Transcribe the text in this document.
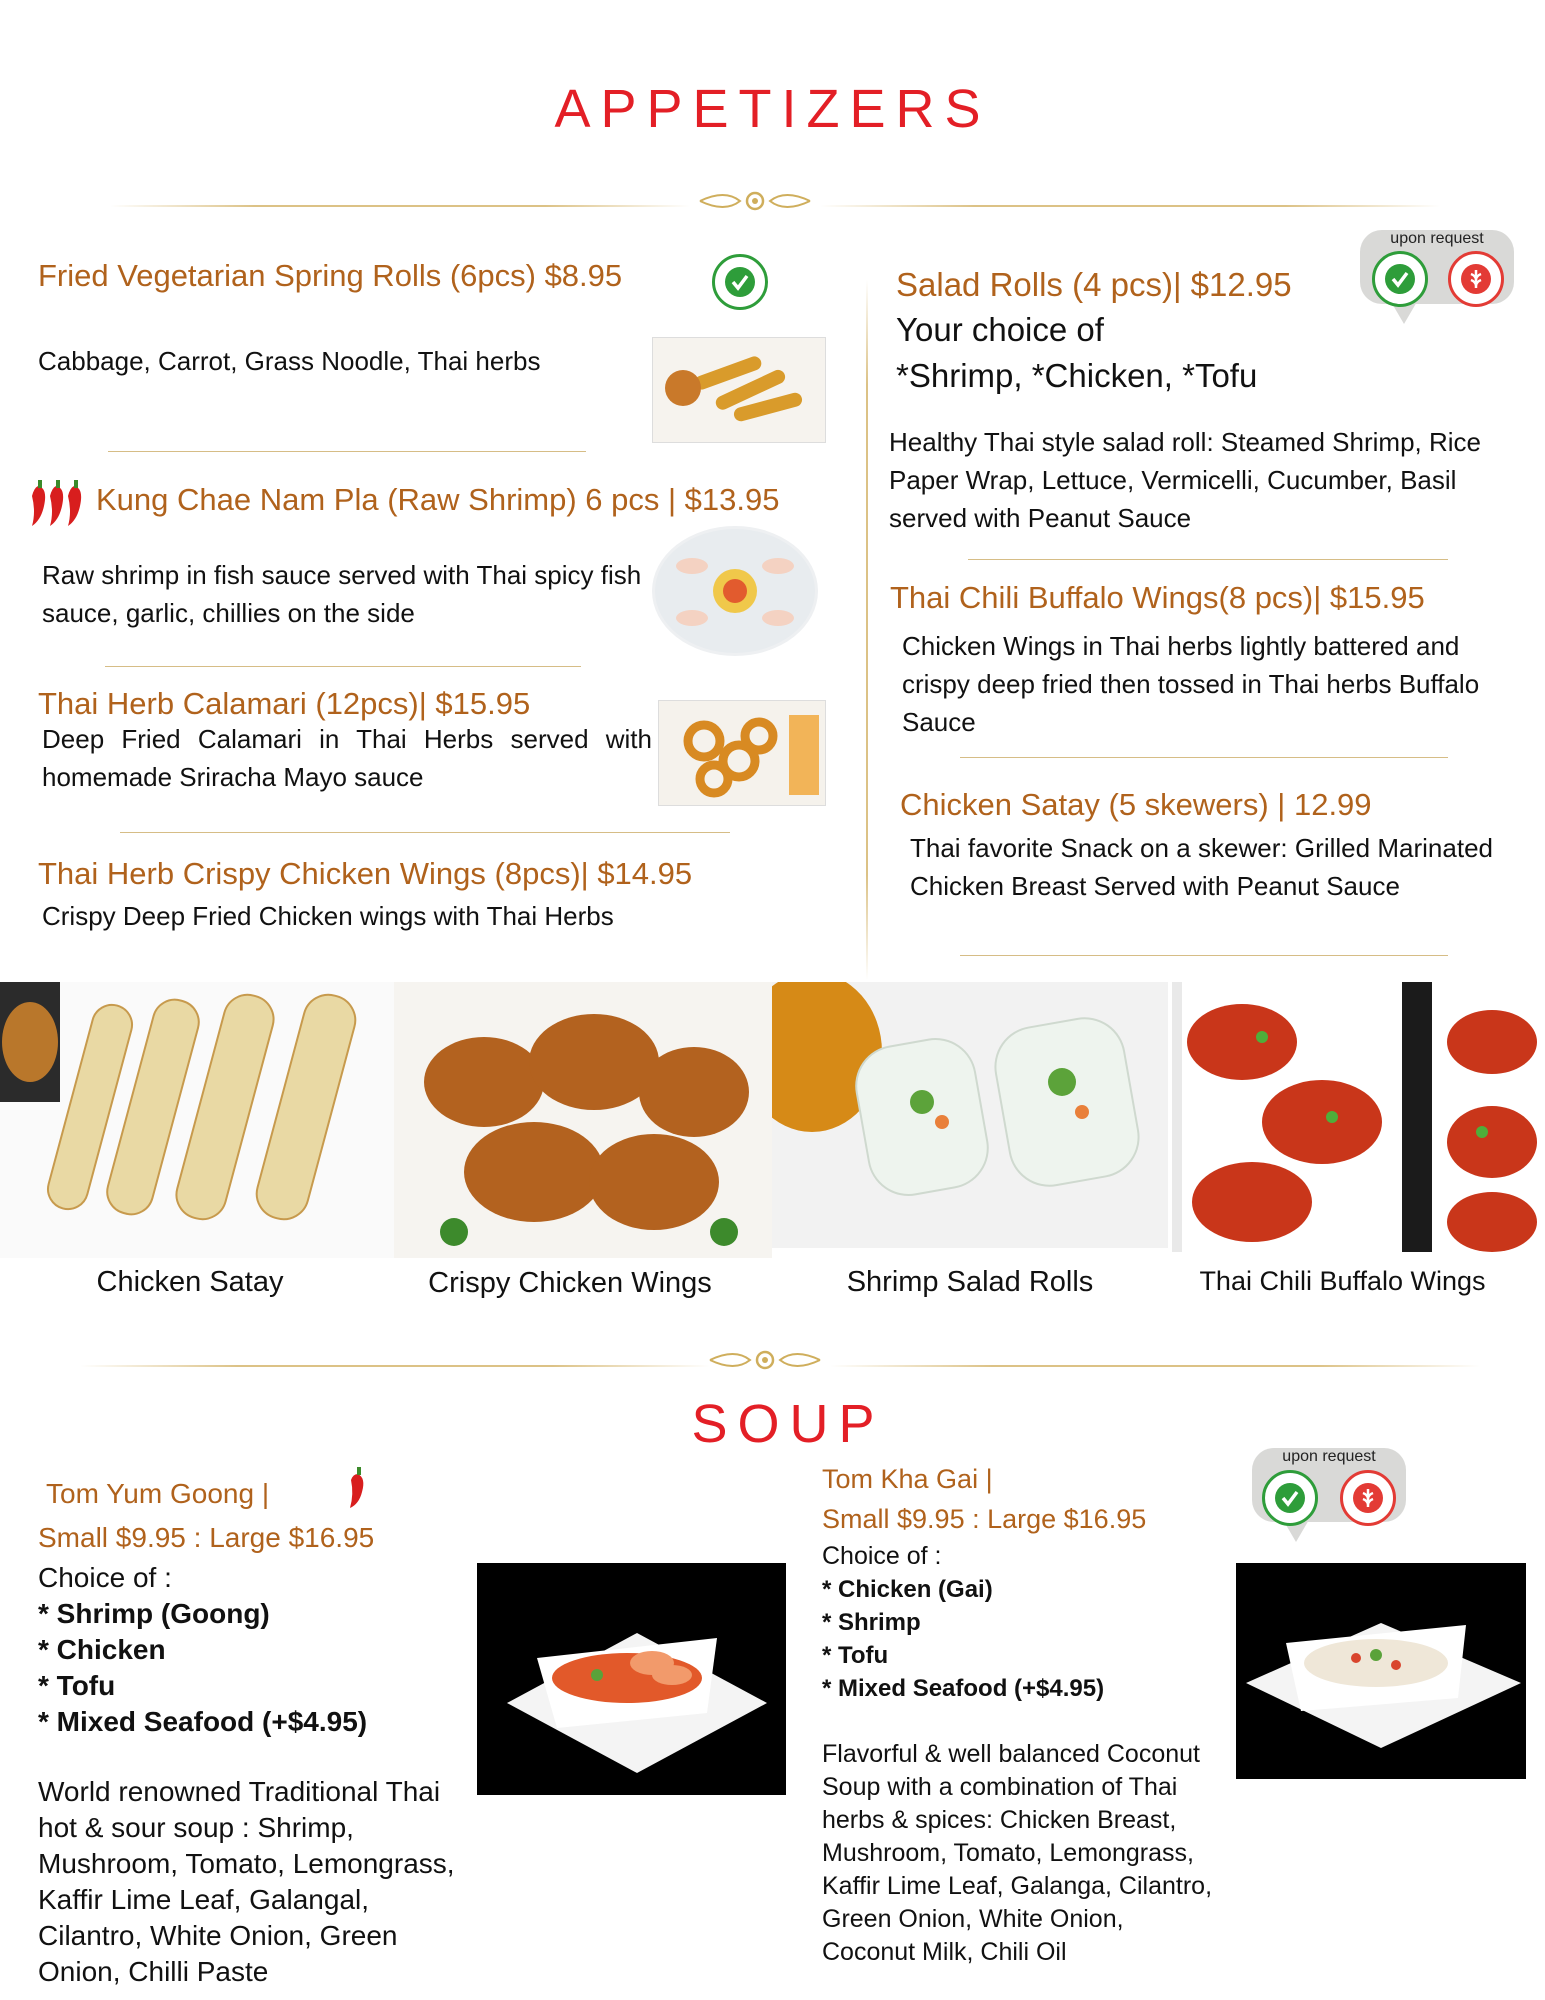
APPETIZERS
Fried Vegetarian Spring Rolls (6pcs) $8.95
Cabbage, Carrot, Grass Noodle, Thai herbs
Kung Chae Nam Pla (Raw Shrimp) 6 pcs | $13.95
Raw shrimp in fish sauce served with Thai spicy fish sauce, garlic, chillies on the side
Thai Herb Calamari (12pcs)| $15.95
Deep Fried Calamari in Thai Herbs served with homemade Sriracha Mayo sauce
Thai Herb Crispy Chicken Wings (8pcs)| $14.95
Crispy Deep Fried Chicken wings with Thai Herbs
upon request
Salad Rolls (4 pcs)| $12.95
Your choice of
*Shrimp, *Chicken, *Tofu
Healthy Thai style salad roll: Steamed Shrimp, Rice Paper Wrap, Lettuce, Vermicelli, Cucumber, Basil served with Peanut Sauce
Thai Chili Buffalo Wings(8 pcs)| $15.95
Chicken Wings in Thai herbs lightly battered and crispy deep fried then tossed in Thai herbs Buffalo Sauce
Chicken Satay (5 skewers) | 12.99
Thai favorite Snack on a skewer: Grilled Marinated Chicken Breast Served with Peanut Sauce
Chicken Satay	Crispy Chicken Wings	Shrimp Salad Rolls	Thai Chili Buffalo Wings
SOUP
Tom Yum Goong |
Small $9.95 : Large $16.95
Choice of :
* Shrimp (Goong)
* Chicken
* Tofu
* Mixed Seafood (+$4.95)
World renowned Traditional Thai hot & sour soup : Shrimp, Mushroom, Tomato, Lemongrass, Kaffir Lime Leaf, Galangal, Cilantro, White Onion, Green Onion, Chilli Paste
Tom Kha Gai |
Small $9.95 : Large $16.95
Choice of :
* Chicken (Gai)
* Shrimp
* Tofu
* Mixed Seafood (+$4.95)
Flavorful & well balanced Coconut Soup with a combination of Thai herbs & spices: Chicken Breast, Mushroom, Tomato, Lemongrass, Kaffir Lime Leaf, Galanga, Cilantro, Green Onion, White Onion, Coconut Milk, Chili Oil
upon request
